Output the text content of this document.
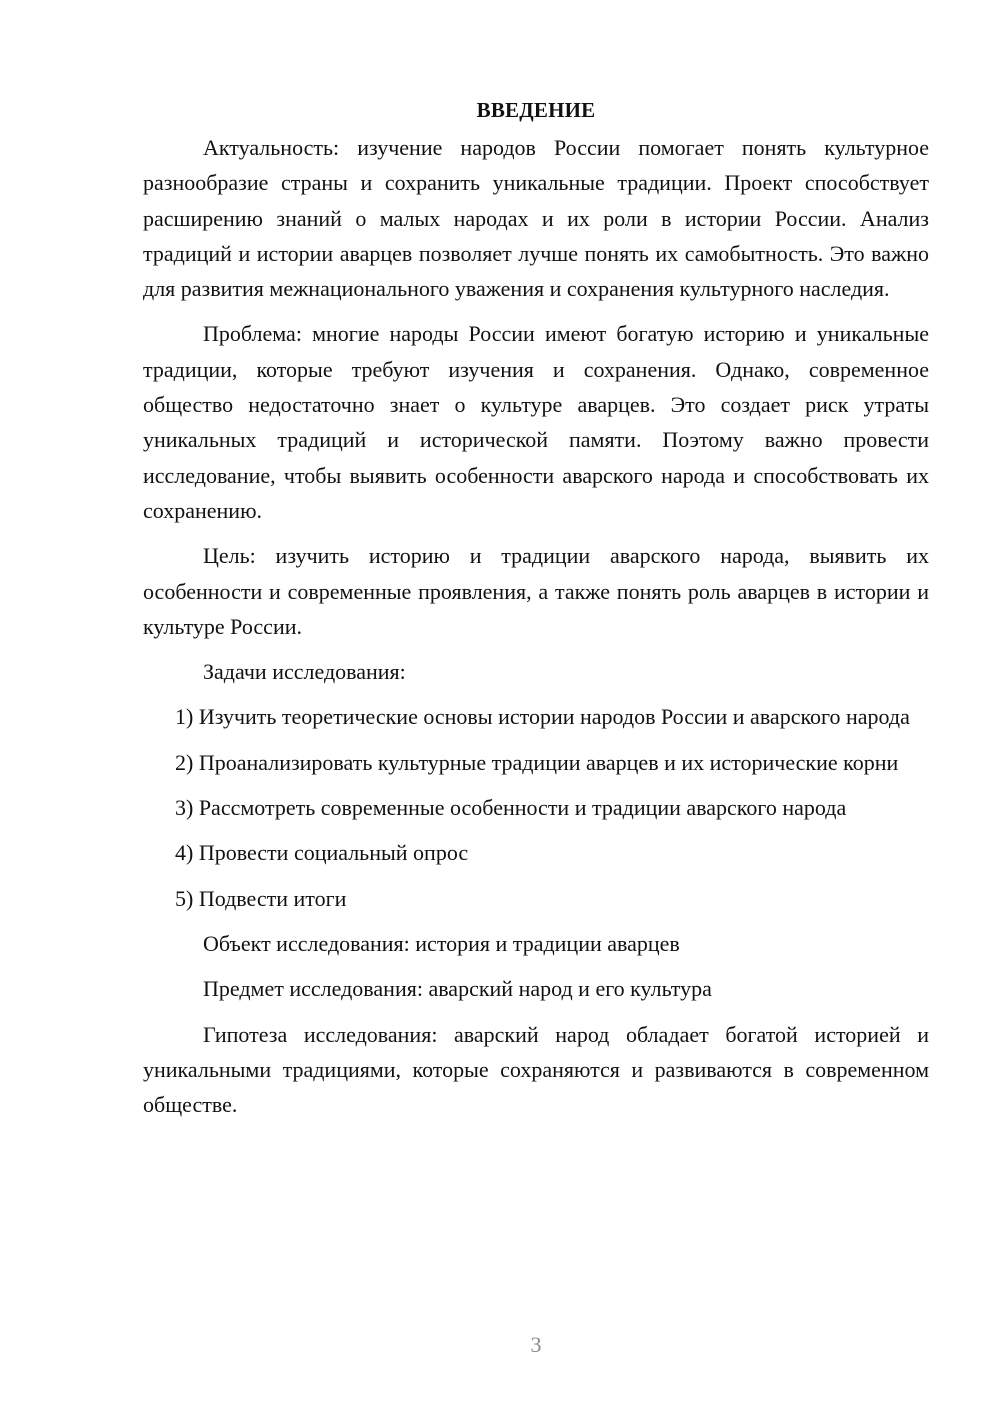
ВВЕДЕНИЕ

Актуальность: изучение народов России помогает понять культурное разнообразие страны и сохранить уникальные традиции. Проект способствует расширению знаний о малых народах и их роли в истории России. Анализ традиций и истории аварцев позволяет лучше понять их самобытность. Это важно для развития межнационального уважения и сохранения культурного наследия.

Проблема: многие народы России имеют богатую историю и уникальные традиции, которые требуют изучения и сохранения. Однако, современное общество недостаточно знает о культуре аварцев. Это создает риск утраты уникальных традиций и исторической памяти. Поэтому важно провести исследование, чтобы выявить особенности аварского народа и способствовать их сохранению.

Цель: изучить историю и традиции аварского народа, выявить их особенности и современные проявления, а также понять роль аварцев в истории и культуре России.

Задачи исследования:

1) Изучить теоретические основы истории народов России и аварского народа

2) Проанализировать культурные традиции аварцев и их исторические корни

3) Рассмотреть современные особенности и традиции аварского народа

4) Провести социальный опрос

5) Подвести итоги

Объект исследования: история и традиции аварцев

Предмет исследования: аварский народ и его культура

Гипотеза исследования: аварский народ обладает богатой историей и уникальными традициями, которые сохраняются и развиваются в современном обществе.

3
